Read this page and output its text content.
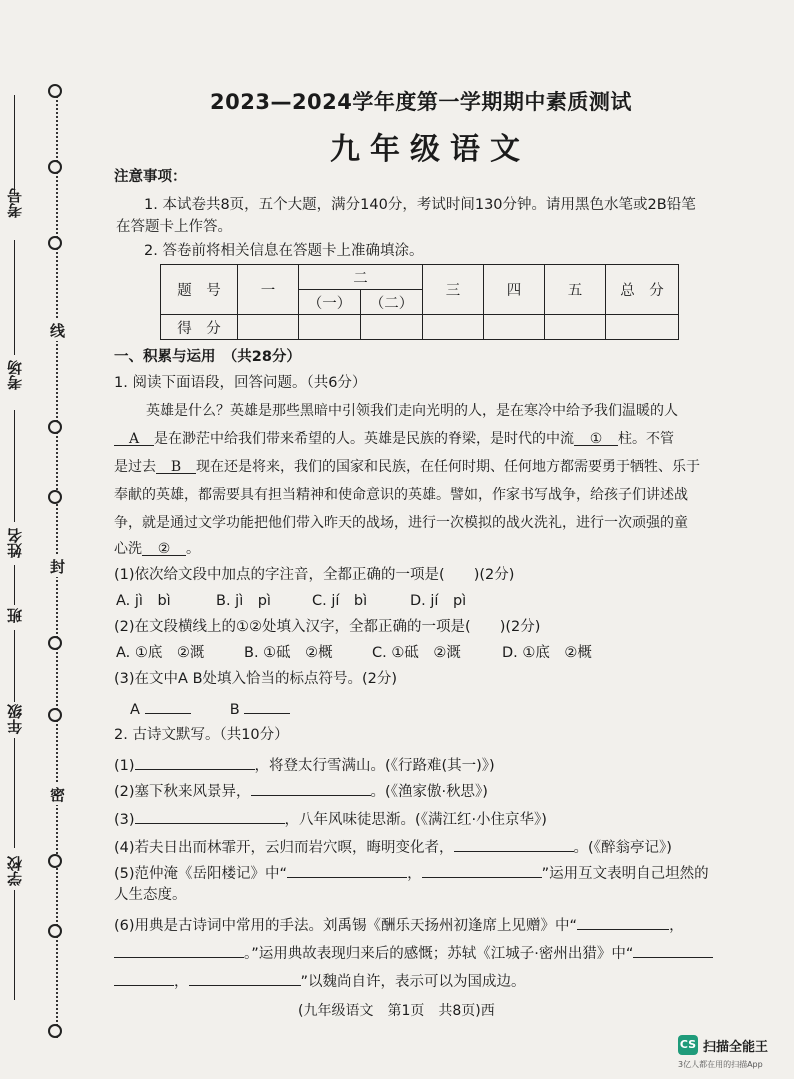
考号
考场
姓名
班
年级
学校
线
封
密
2023—2024学年度第一学期期中素质测试
九年级语文
注意事项：
1. 本试卷共8页，五个大题，满分140分，考试时间130分钟。请用黑色水笔或2B铅笔
在答题卡上作答。
2. 答卷前将相关信息在答题卡上准确填涂。
题　号	一	二		三	四	五	总　分
		（一）	（二）				
得　分							
一、积累与运用　（共28分）
1. 阅读下面语段，回答问题。（共6分）
英雄是什么？英雄是那些黑暗中引领我们走向光明的人，是在寒冷中给予我们温暖的人
A 是在渺茫中给我们带来希望的人。英雄是民族的脊梁，是时代的中流 ① 柱。不管
是过去 B 现在还是将来，我们的国家和民族，在任何时期、任何地方都需要勇于牺牲、乐于
奉献的英雄，都需要具有担当精神和使命意识的英雄。譬如，作家书写战争，给孩子们讲述战
争，就是通过文学功能把他们带入昨天的战场，进行一次模拟的战火洗礼，进行一次顽强的童
心洗 ② 。
(1)依次给文段中加点的字注音，全都正确的一项是(　　)(2分)
A. jì　bì	B. jì　pì	C. jí　bì	D. jí　pì
(2)在文段横线上的①②处填入汉字，全都正确的一项是(　　)(2分)
A. ①底　②溉	B. ①砥　②概	C. ①砥　②溉	D. ①底　②概
(3)在文中A B处填入恰当的标点符号。(2分)
A	B
2. 古诗文默写。（共10分）
(1)	，将登太行雪满山。(《行路难(其一)》)
(2)塞下秋来风景异，	。(《渔家傲·秋思》)
(3)	，八年风味徒思渐。(《满江红·小住京华》)
(4)若夫日出而林霏开，云归而岩穴暝，晦明变化者，	。(《醉翁亭记》)
(5)范仲淹《岳阳楼记》中“	，	”运用互文表明自己坦然的
人生态度。
(6)用典是古诗词中常用的手法。刘禹锡《酬乐天扬州初逢席上见赠》中“	，
。”运用典故表现归来后的感慨；苏轼《江城子·密州出猎》中“
，	”以魏尚自许，表示可以为国成边。
(九年级语文　第1页　共8页)西
CS 扫描全能王
3亿人都在用的扫描App
